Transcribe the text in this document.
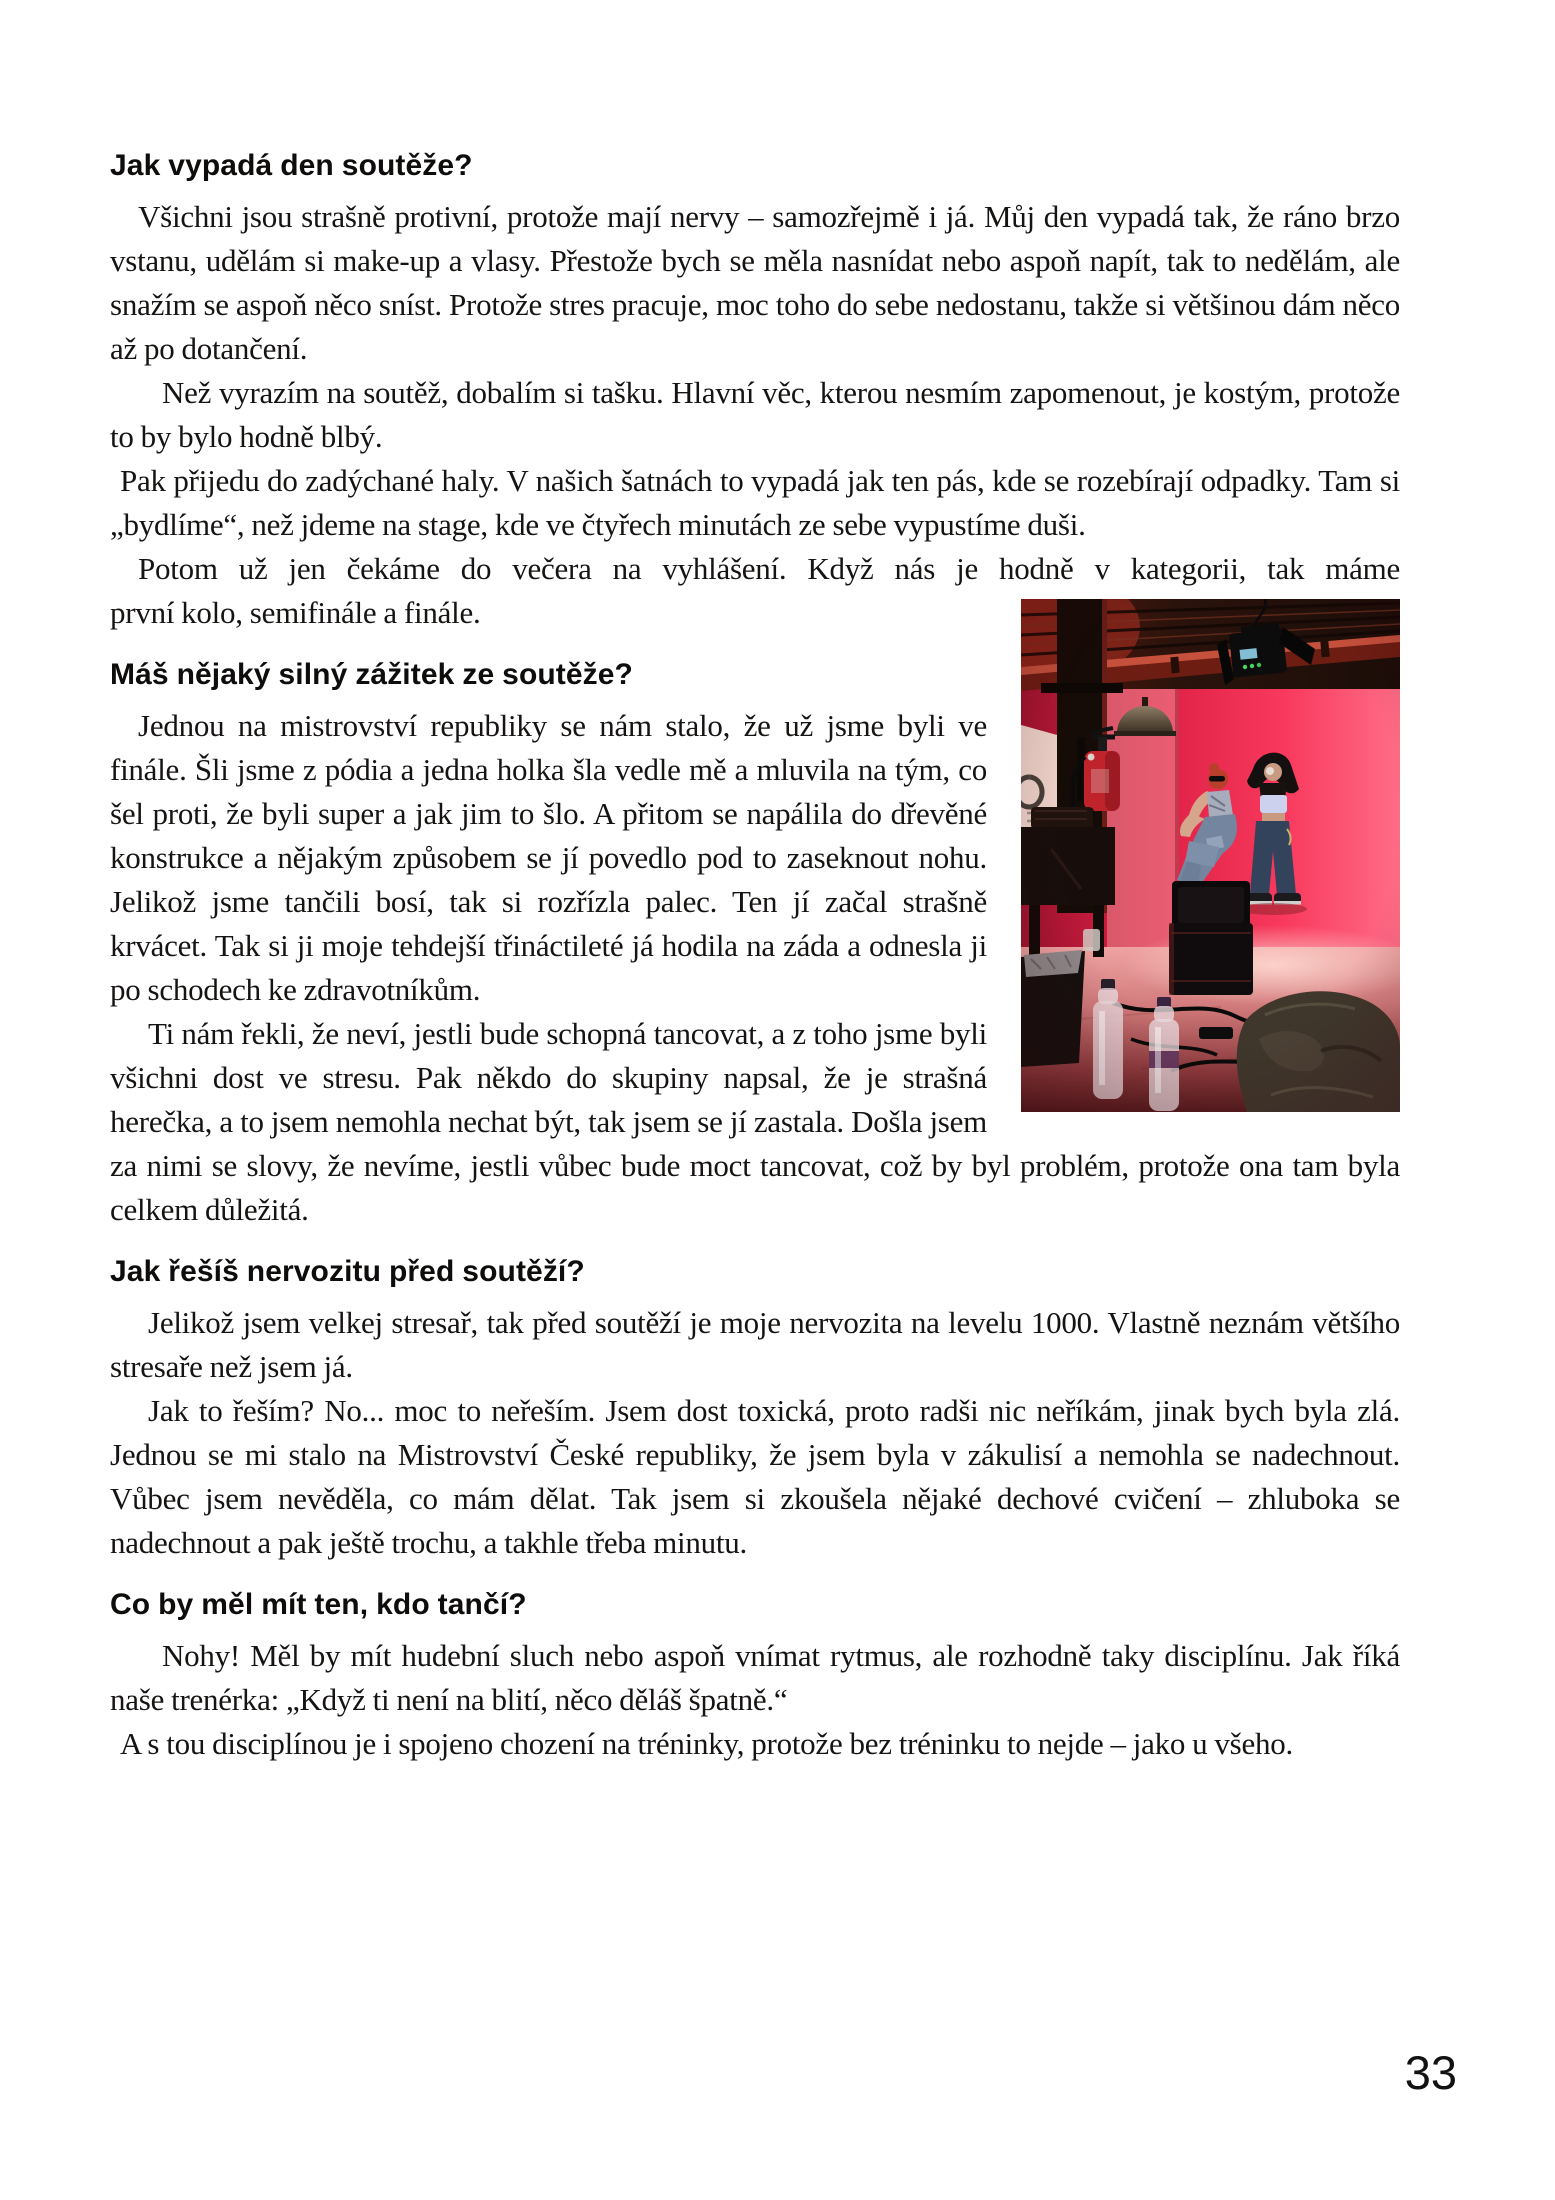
Jak vypadá den soutěže?

Všichni jsou strašně protivní, protože mají nervy – samozřejmě i já. Můj den vypadá tak, že ráno brzo vstanu, udělám si make-up a vlasy. Přestože bych se měla nasnídat nebo aspoň napít, tak to nedělám, ale snažím se aspoň něco sníst. Protože stres pracuje, moc toho do sebe nedostanu, takže si většinou dám něco až po dotančení.

Než vyrazím na soutěž, dobalím si tašku. Hlavní věc, kterou nesmím zapomenout, je kostým, protože to by bylo hodně blbý.

Pak přijedu do zadýchané haly. V našich šatnách to vypadá jak ten pás, kde se rozebírají odpadky. Tam si „bydlíme“, než jdeme na stage, kde ve čtyřech minutách ze sebe vypustíme duši.

Potom už jen čekáme do večera na vyhlášení. Když nás je hodně v kategorii, tak máme

první kolo, semifinále a finále.

Máš nějaký silný zážitek ze soutěže?

Jednou na mistrovství republiky se nám stalo, že už jsme byli ve finále. Šli jsme z pódia a jedna holka šla vedle mě a mluvila na tým, co šel proti, že byli super a jak jim to šlo. A přitom se napálila do dřevěné konstrukce a nějakým způsobem se jí povedlo pod to zaseknout nohu. Jelikož jsme tančili bosí, tak si rozřízla palec. Ten jí začal strašně krvácet. Tak si ji moje tehdejší třináctileté já hodila na záda a odnesla ji po schodech ke zdravotníkům.

Ti nám řekli, že neví, jestli bude schopná tancovat, a z toho jsme byli všichni dost ve stresu. Pak někdo do skupiny napsal, že je strašná herečka, a to jsem nemohla nechat být, tak jsem se jí zastala. Došla jsem za nimi se slovy, že nevíme, jestli vůbec bude moct tancovat, což by byl problém, protože ona tam byla celkem důležitá.

Jak řešíš nervozitu před soutěží?

Jelikož jsem velkej stresař, tak před soutěží je moje nervozita na levelu 1000. Vlastně neznám většího stresaře než jsem já.

Jak to řeším? No... moc to neřeším. Jsem dost toxická, proto radši nic neříkám, jinak bych byla zlá. Jednou se mi stalo na Mistrovství České republiky, že jsem byla v zákulisí a nemohla se nadechnout. Vůbec jsem nevěděla, co mám dělat. Tak jsem si zkoušela nějaké dechové cvičení – zhluboka se nadechnout a pak ještě trochu, a takhle třeba minutu.

Co by měl mít ten, kdo tančí?

Nohy! Měl by mít hudební sluch nebo aspoň vnímat rytmus, ale rozhodně taky disciplínu. Jak říká naše trenérka: „Když ti není na blití, něco děláš špatně.“

A s tou disciplínou je i spojeno chození na tréninky, protože bez tréninku to nejde – jako u všeho.

33
